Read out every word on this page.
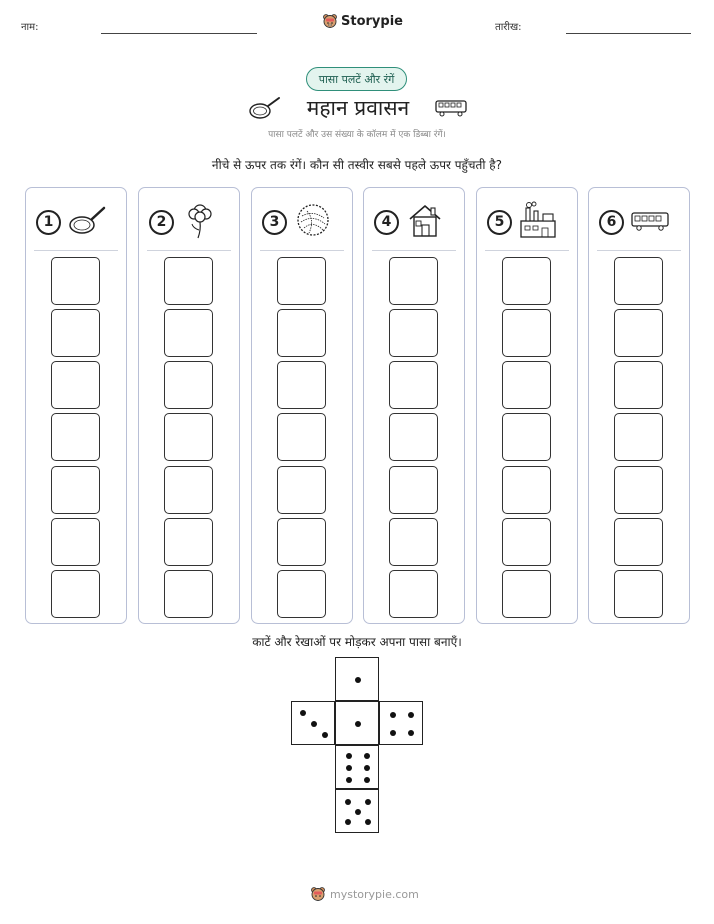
नाम:	Storypie	तारीख:
पासा पलटें और रंगें
महान प्रवासन
पासा पलटें और उस संख्या के कॉलम में एक डिब्बा रंगें।
नीचे से ऊपर तक रंगें। कौन सी तस्वीर सबसे पहले ऊपर पहुँचती है?
1	2	3	4	5	6
काटें और रेखाओं पर मोड़कर अपना पासा बनाएँ।
mystorypie.com
